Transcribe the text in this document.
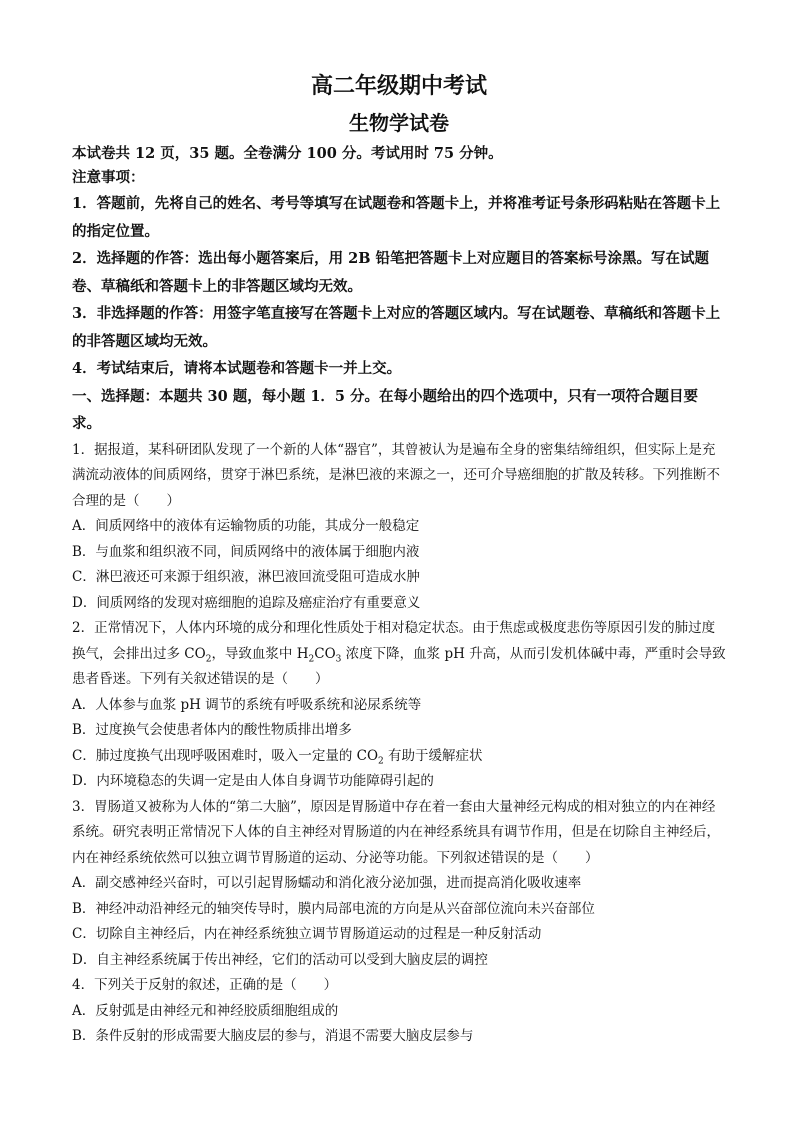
高二年级期中考试
生物学试卷

本试卷共 12 页，35 题。全卷满分 100 分。考试用时 75 分钟。

注意事项：

1．答题前，先将自己的姓名、考号等填写在试题卷和答题卡上，并将准考证号条形码粘贴在答题卡上的指定位置。

2．选择题的作答：选出每小题答案后，用 2B 铅笔把答题卡上对应题目的答案标号涂黑。写在试题卷、草稿纸和答题卡上的非答题区域均无效。

3．非选择题的作答：用签字笔直接写在答题卡上对应的答题区域内。写在试题卷、草稿纸和答题卡上的非答题区域均无效。

4．考试结束后，请将本试题卷和答题卡一并上交。

一、选择题：本题共 30 题，每小题 1．5 分。在每小题给出的四个选项中，只有一项符合题目要求。

1．据报道，某科研团队发现了一个新的人体“器官”，其曾被认为是遍布全身的密集结缔组织，但实际上是充满流动液体的间质网络，贯穿于淋巴系统，是淋巴液的来源之一，还可介导癌细胞的扩散及转移。下列推断不合理的是（　　）

A．间质网络中的液体有运输物质的功能，其成分一般稳定

B．与血浆和组织液不同，间质网络中的液体属于细胞内液

C．淋巴液还可来源于组织液，淋巴液回流受阻可造成水肿

D．间质网络的发现对癌细胞的追踪及癌症治疗有重要意义

2．正常情况下，人体内环境的成分和理化性质处于相对稳定状态。由于焦虑或极度悲伤等原因引发的肺过度换气，会排出过多 $CO_2$，导致血浆中 $H_2CO_3$ 浓度下降，血浆 pH 升高，从而引发机体碱中毒，严重时会导致患者昏迷。下列有关叙述错误的是（　　）

A．人体参与血浆 pH 调节的系统有呼吸系统和泌尿系统等

B．过度换气会使患者体内的酸性物质排出增多

C．肺过度换气出现呼吸困难时，吸入一定量的 $CO_2$ 有助于缓解症状

D．内环境稳态的失调一定是由人体自身调节功能障碍引起的

3．胃肠道又被称为人体的“第二大脑”，原因是胃肠道中存在着一套由大量神经元构成的相对独立的内在神经系统。研究表明正常情况下人体的自主神经对胃肠道的内在神经系统具有调节作用，但是在切除自主神经后，内在神经系统依然可以独立调节胃肠道的运动、分泌等功能。下列叙述错误的是（　　）

A．副交感神经兴奋时，可以引起胃肠蠕动和消化液分泌加强，进而提高消化吸收速率

B．神经冲动沿神经元的轴突传导时，膜内局部电流的方向是从兴奋部位流向未兴奋部位

C．切除自主神经后，内在神经系统独立调节胃肠道运动的过程是一种反射活动

D．自主神经系统属于传出神经，它们的活动可以受到大脑皮层的调控

4．下列关于反射的叙述，正确的是（　　）

A．反射弧是由神经元和神经胶质细胞组成的

B．条件反射的形成需要大脑皮层的参与，消退不需要大脑皮层参与
